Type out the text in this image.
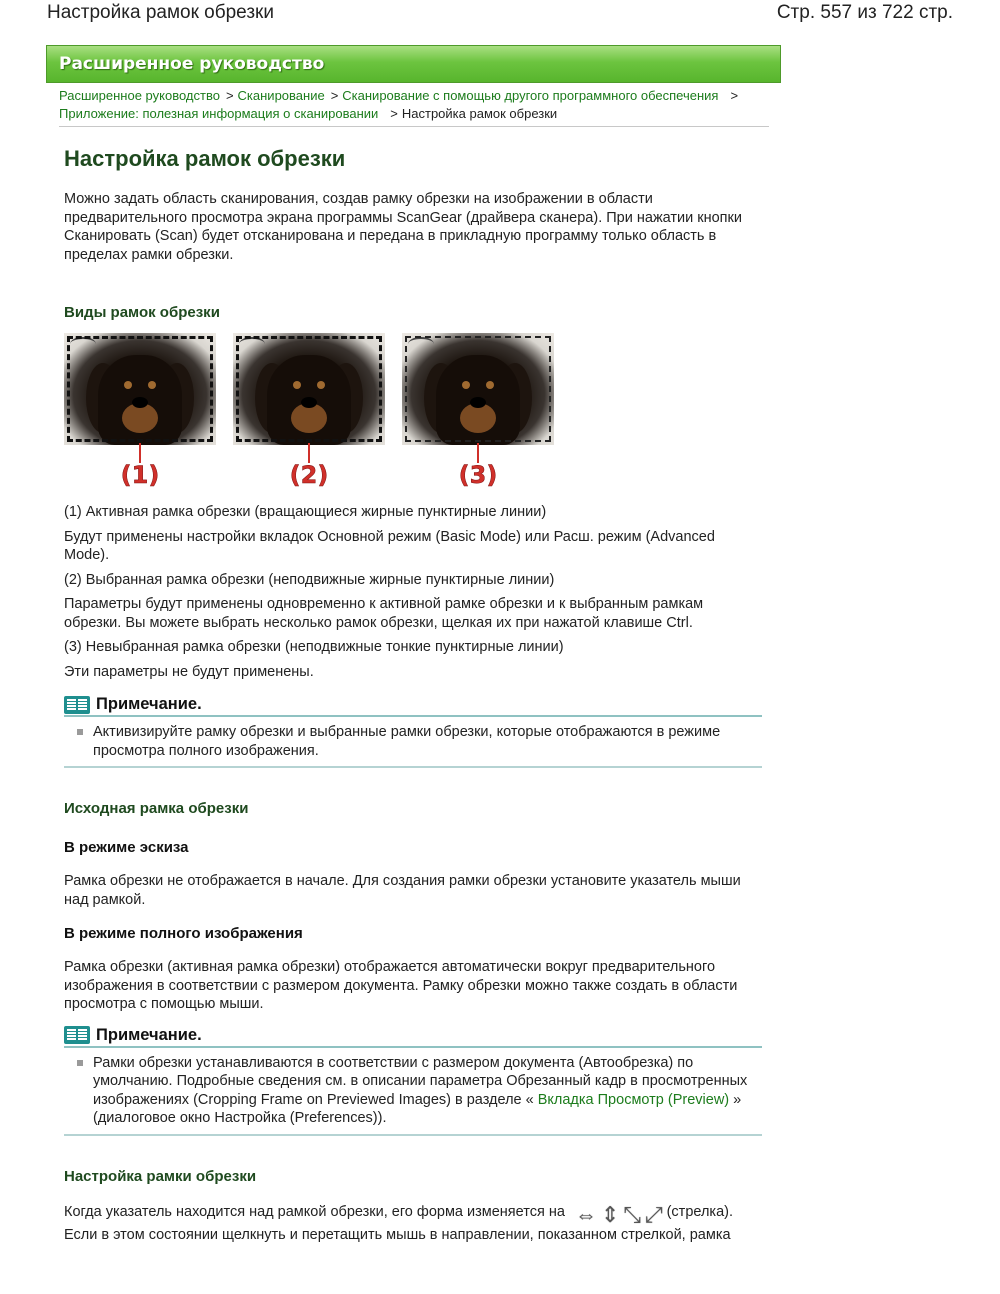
Настройка рамок обрезки	Стр. 557 из 722 стр.
Расширенное руководство
Расширенное руководство > Сканирование > Сканирование с помощью другого программного обеспечения >
Приложение: полезная информация о сканировании > Настройка рамок обрезки
Настройка рамок обрезки

Можно задать область сканирования, создав рамку обрезки на изображении в области предварительного просмотра экрана программы ScanGear (драйвера сканера). При нажатии кнопки Сканировать (Scan) будет отсканирована и передана в прикладную программу только область в пределах рамки обрезки.

Виды рамок обрезки
(1)	(2)	(3)

(1) Активная рамка обрезки (вращающиеся жирные пунктирные линии)

Будут применены настройки вкладок Основной режим (Basic Mode) или Расш. режим (Advanced Mode).

(2) Выбранная рамка обрезки (неподвижные жирные пунктирные линии)

Параметры будут применены одновременно к активной рамке обрезки и к выбранным рамкам обрезки. Вы можете выбрать несколько рамок обрезки, щелкая их при нажатой клавише Ctrl.

(3) Невыбранная рамка обрезки (неподвижные тонкие пунктирные линии)

Эти параметры не будут применены.

Примечание.

Активизируйте рамку обрезки и выбранные рамки обрезки, которые отображаются в режиме просмотра полного изображения.

Исходная рамка обрезки
В режиме эскиза

Рамка обрезки не отображается в начале. Для создания рамки обрезки установите указатель мыши над рамкой.

В режиме полного изображения

Рамка обрезки (активная рамка обрезки) отображается автоматически вокруг предварительного изображения в соответствии с размером документа. Рамку обрезки можно также создать в области просмотра с помощью мыши.

Примечание.

Рамки обрезки устанавливаются в соответствии с размером документа (Автообрезка) по умолчанию. Подробные сведения см. в описании параметра Обрезанный кадр в просмотренных изображениях (Cropping Frame on Previewed Images) в разделе « Вкладка Просмотр (Preview) » (диалоговое окно Настройка (Preferences)).

Настройка рамки обрезки

Когда указатель находится над рамкой обрезки, его форма изменяется на ⇔ ⇕ ⤡ ⤢ (стрелка). Если в этом состоянии щелкнуть и перетащить мышь в направлении, показанном стрелкой, рамка
